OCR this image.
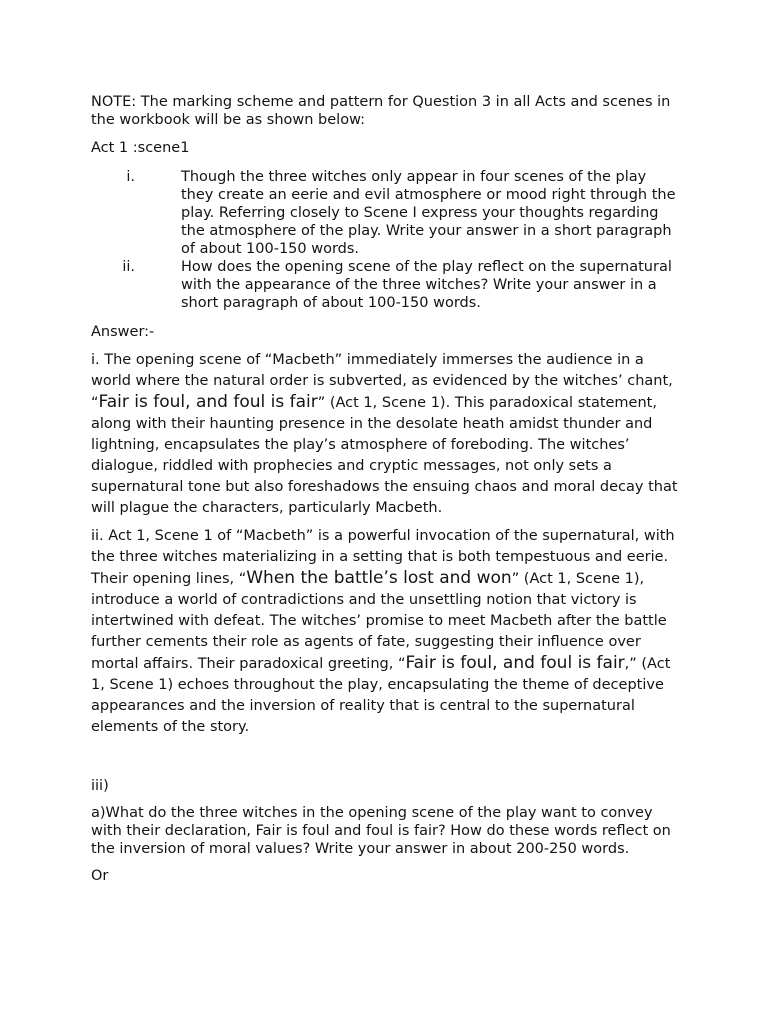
NOTE: The marking scheme and pattern for Question 3 in all Acts and scenes in the workbook will be as shown below:

Act 1 :scene1

i.	Though the three witches only appear in four scenes of the play they create an eerie and evil atmosphere or mood right through the play. Referring closely to Scene I express your thoughts regarding the atmosphere of the play. Write your answer in a short paragraph of about 100-150 words.
ii.	How does the opening scene of the play reflect on the supernatural with the appearance of the three witches? Write your answer in a short paragraph of about 100-150 words.

Answer:-

i. The opening scene of “Macbeth” immediately immerses the audience in a world where the natural order is subverted, as evidenced by the witches’ chant, “Fair is foul, and foul is fair” (Act 1, Scene 1). This paradoxical statement, along with their haunting presence in the desolate heath amidst thunder and lightning, encapsulates the play’s atmosphere of foreboding. The witches’ dialogue, riddled with prophecies and cryptic messages, not only sets a supernatural tone but also foreshadows the ensuing chaos and moral decay that will plague the characters, particularly Macbeth.

ii. Act 1, Scene 1 of “Macbeth” is a powerful invocation of the supernatural, with the three witches materializing in a setting that is both tempestuous and eerie. Their opening lines, “When the battle’s lost and won” (Act 1, Scene 1), introduce a world of contradictions and the unsettling notion that victory is intertwined with defeat. The witches’ promise to meet Macbeth after the battle further cements their role as agents of fate, suggesting their influence over mortal affairs. Their paradoxical greeting, “Fair is foul, and foul is fair,” (Act 1, Scene 1) echoes throughout the play, encapsulating the theme of deceptive appearances and the inversion of reality that is central to the supernatural elements of the story.

iii)

a)What do the three witches in the opening scene of the play want to convey with their declaration, Fair is foul and foul is fair? How do these words reflect on the inversion of moral values? Write your answer in about 200-250 words.

Or
